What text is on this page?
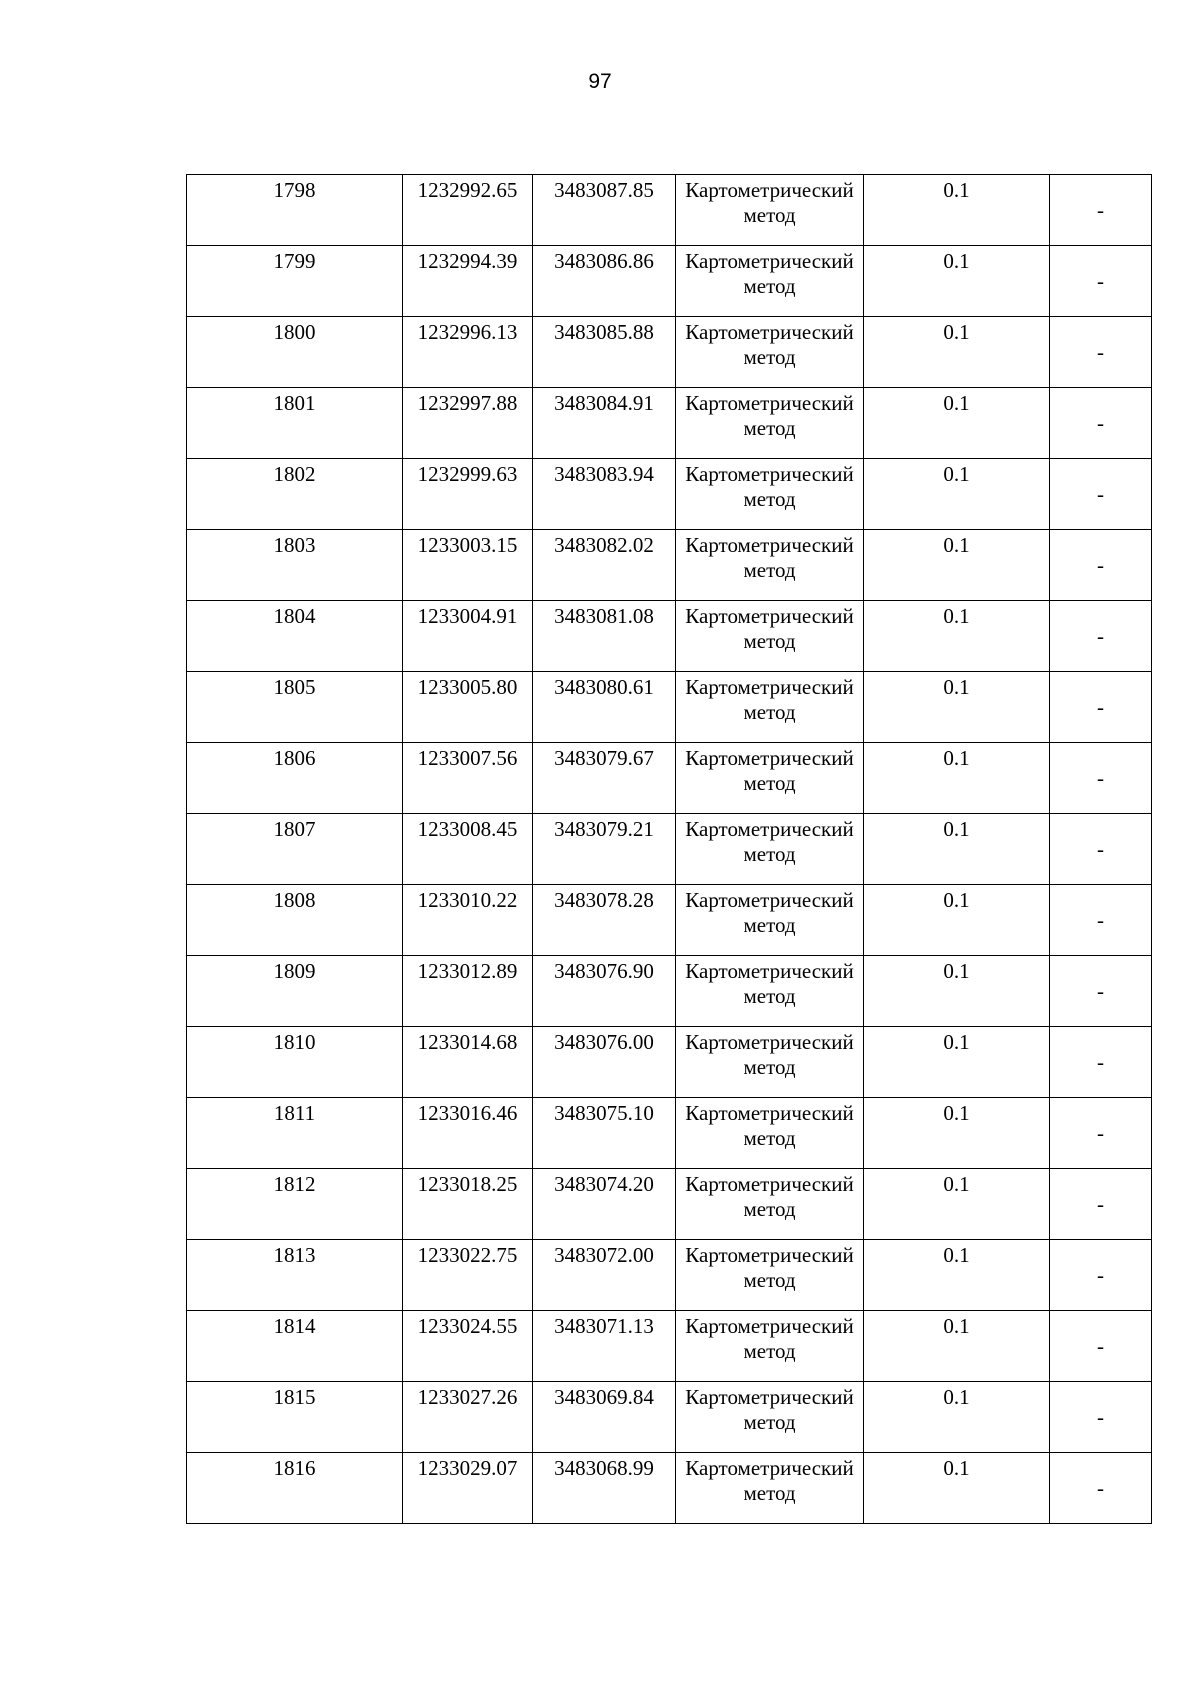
97
1798	1232992.65	3483087.85	Картометрический
метод	0.1	-

1799	1232994.39	3483086.86	Картометрический
метод	0.1	-

1800	1232996.13	3483085.88	Картометрический
метод	0.1	-

1801	1232997.88	3483084.91	Картометрический
метод	0.1	-

1802	1232999.63	3483083.94	Картометрический
метод	0.1	-

1803	1233003.15	3483082.02	Картометрический
метод	0.1	-

1804	1233004.91	3483081.08	Картометрический
метод	0.1	-

1805	1233005.80	3483080.61	Картометрический
метод	0.1	-

1806	1233007.56	3483079.67	Картометрический
метод	0.1	-

1807	1233008.45	3483079.21	Картометрический
метод	0.1	-

1808	1233010.22	3483078.28	Картометрический
метод	0.1	-

1809	1233012.89	3483076.90	Картометрический
метод	0.1	-

1810	1233014.68	3483076.00	Картометрический
метод	0.1	-

1811	1233016.46	3483075.10	Картометрический
метод	0.1	-

1812	1233018.25	3483074.20	Картометрический
метод	0.1	-

1813	1233022.75	3483072.00	Картометрический
метод	0.1	-

1814	1233024.55	3483071.13	Картометрический
метод	0.1	-

1815	1233027.26	3483069.84	Картометрический
метод	0.1	-

1816	1233029.07	3483068.99	Картометрический
метод	0.1	-
